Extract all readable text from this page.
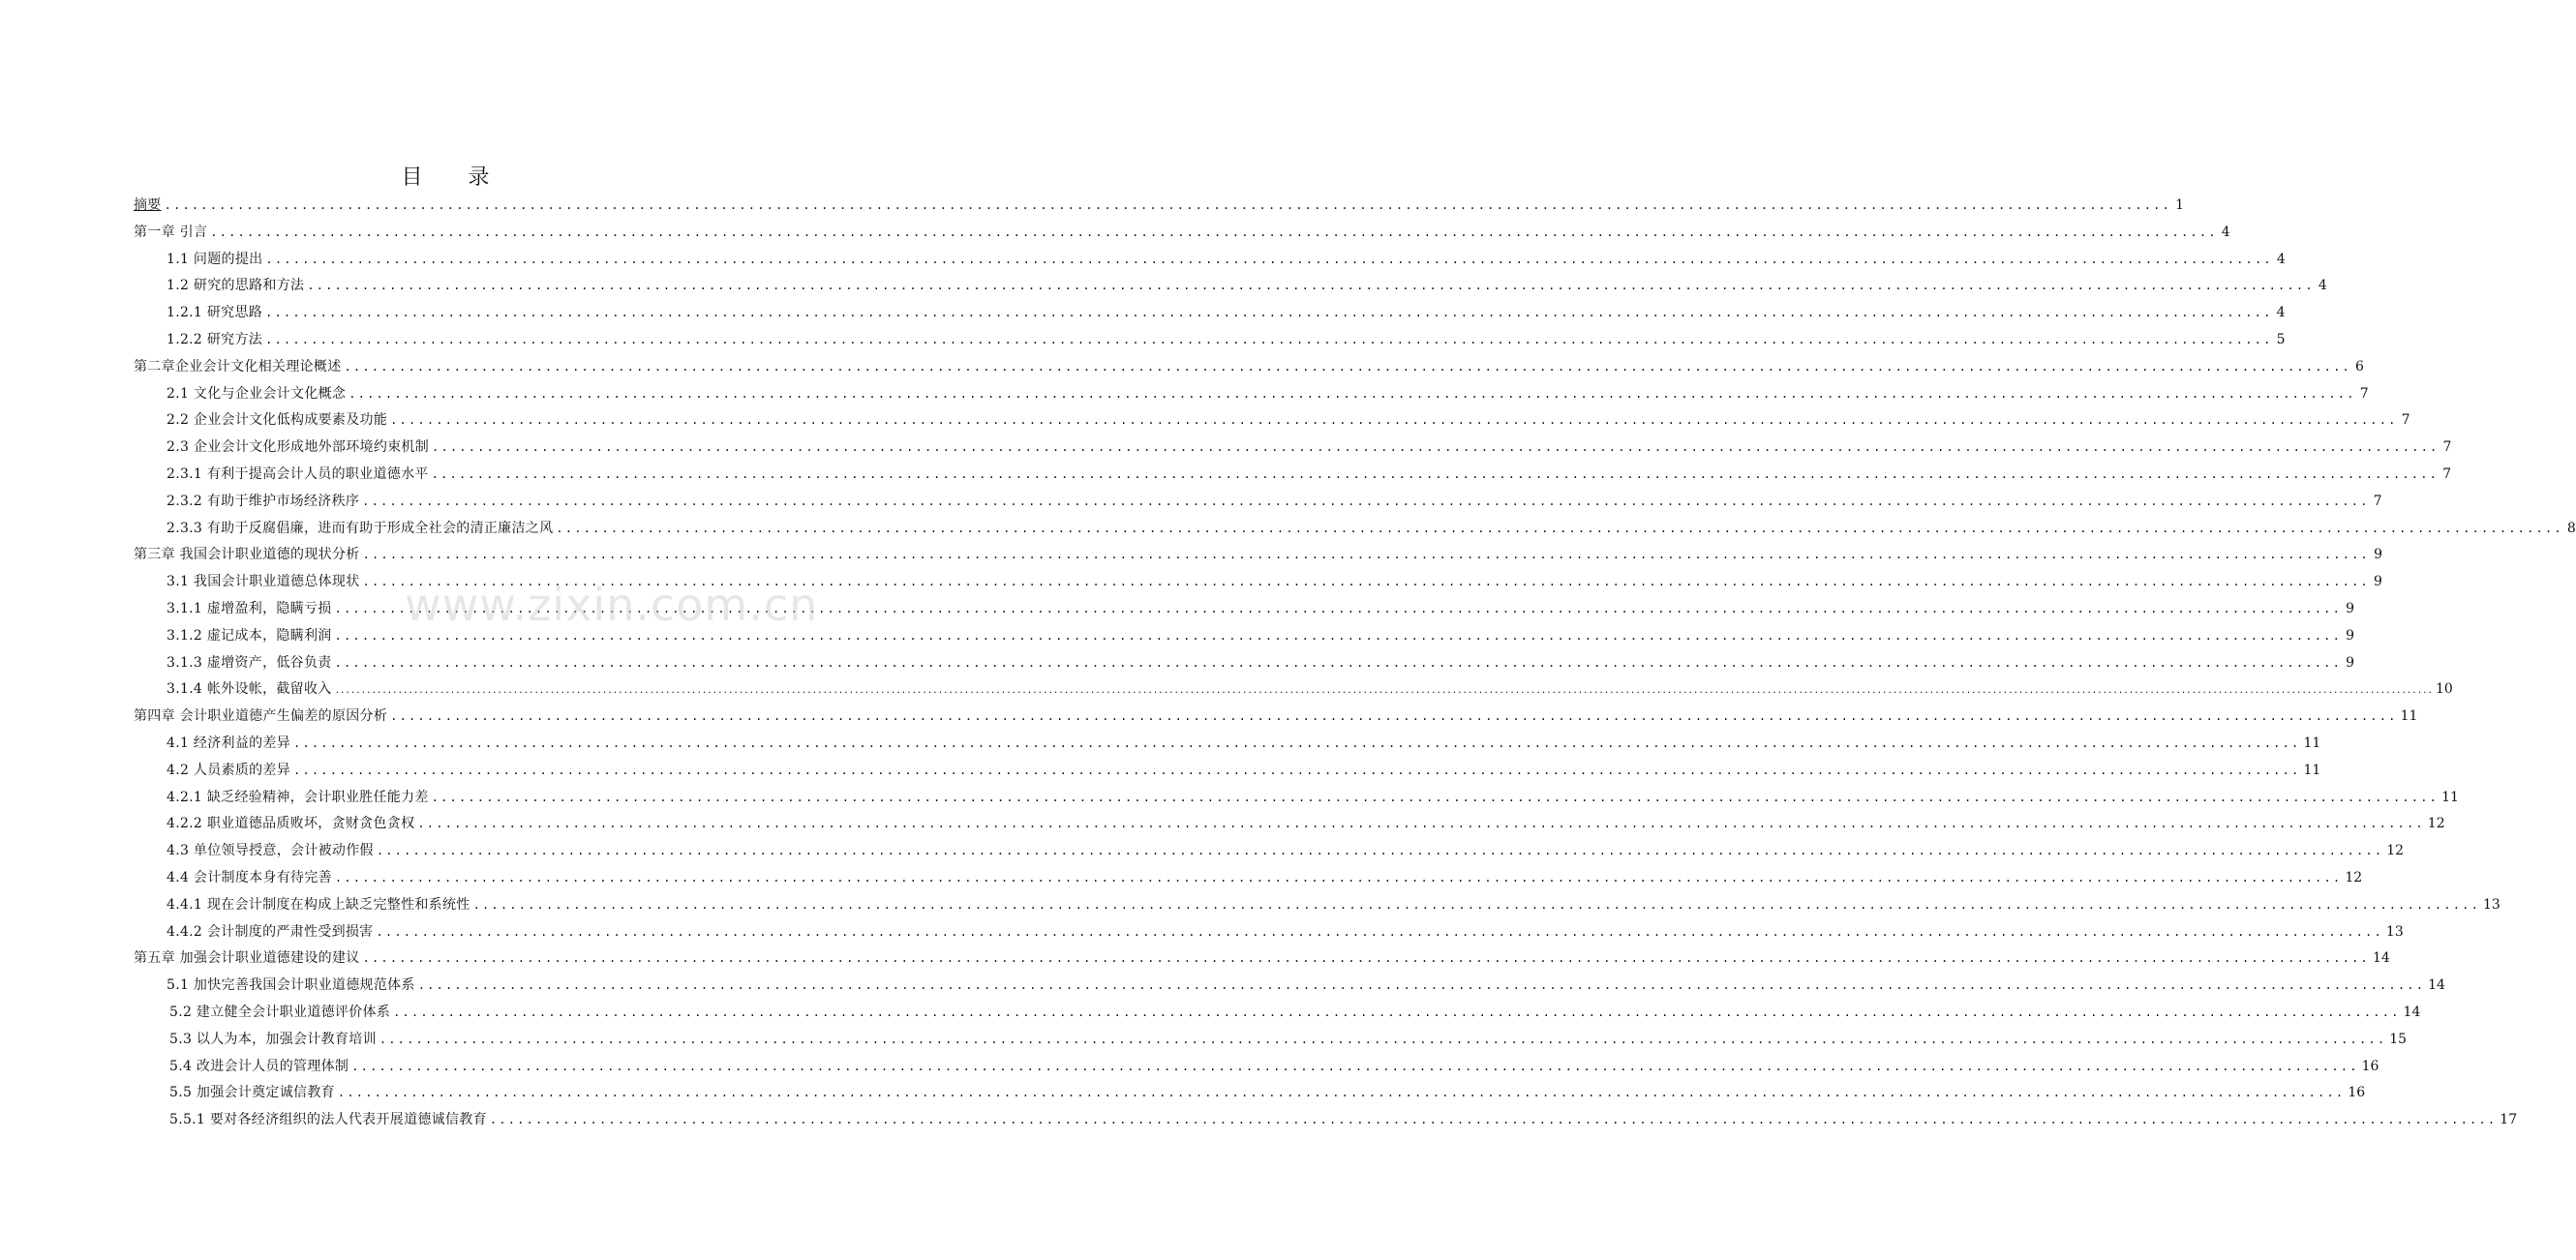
目 录
摘要 ............................................................................................................................................................................................................................ 1
第一章 引言 ............................................................................................................................................................................................................................ 4
1.1 问题的提出 ............................................................................................................................................................................................................................ 4
1.2 研究的思路和方法 ............................................................................................................................................................................................................................ 4
1.2.1 研究思路 ............................................................................................................................................................................................................................ 4
1.2.2 研究方法 ............................................................................................................................................................................................................................ 5
第二章企业会计文化相关理论概述 ............................................................................................................................................................................................................................ 6
2.1 文化与企业会计文化概念 ............................................................................................................................................................................................................................ 7
2.2 企业会计文化低构成要素及功能 ............................................................................................................................................................................................................................ 7
2.3 企业会计文化形成地外部环境约束机制 ............................................................................................................................................................................................................................ 7
2.3.1 有利于提高会计人员的职业道德水平 ............................................................................................................................................................................................................................ 7
2.3.2 有助于维护市场经济秩序 ............................................................................................................................................................................................................................ 7
2.3.3 有助于反腐倡廉，进而有助于形成全社会的清正廉洁之风 ............................................................................................................................................................................................................................ 8
第三章 我国会计职业道德的现状分析 ............................................................................................................................................................................................................................ 9
3.1 我国会计职业道德总体现状 ............................................................................................................................................................................................................................ 9
3.1.1 虚增盈利，隐瞒亏损 ............................................................................................................................................................................................................................ 9
3.1.2 虚记成本，隐瞒利润 ............................................................................................................................................................................................................................ 9
3.1.3 虚增资产，低谷负责 ............................................................................................................................................................................................................................ 9
3.1.4 帐外设帐，截留收入 ................................................................................................................................................................................................................................................................................................................................................................................................................ 10
第四章 会计职业道德产生偏差的原因分析 ............................................................................................................................................................................................................................ 11
4.1 经济利益的差异 ............................................................................................................................................................................................................................ 11
4.2 人员素质的差异 ............................................................................................................................................................................................................................ 11
4.2.1 缺乏经验精神，会计职业胜任能力差 ............................................................................................................................................................................................................................ 11
4.2.2 职业道德品质败坏，贪财贪色贪权 ............................................................................................................................................................................................................................ 12
4.3 单位领导授意，会计被动作假 ............................................................................................................................................................................................................................ 12
4.4 会计制度本身有待完善 ............................................................................................................................................................................................................................ 12
4.4.1 现在会计制度在构成上缺乏完整性和系统性 ............................................................................................................................................................................................................................ 13
4.4.2 会计制度的严肃性受到损害 ............................................................................................................................................................................................................................ 13
第五章 加强会计职业道德建设的建议 ............................................................................................................................................................................................................................ 14
5.1 加快完善我国会计职业道德规范体系 ............................................................................................................................................................................................................................ 14
5.2 建立健全会计职业道德评价体系 ............................................................................................................................................................................................................................ 14
5.3 以人为本，加强会计教育培训 ............................................................................................................................................................................................................................ 15
5.4 改进会计人员的管理体制 ............................................................................................................................................................................................................................ 16
5.5 加强会计奠定诚信教育 ............................................................................................................................................................................................................................ 16
5.5.1 要对各经济组织的法人代表开展道德诚信教育 ............................................................................................................................................................................................................................ 17
www.zixin.com.cn
